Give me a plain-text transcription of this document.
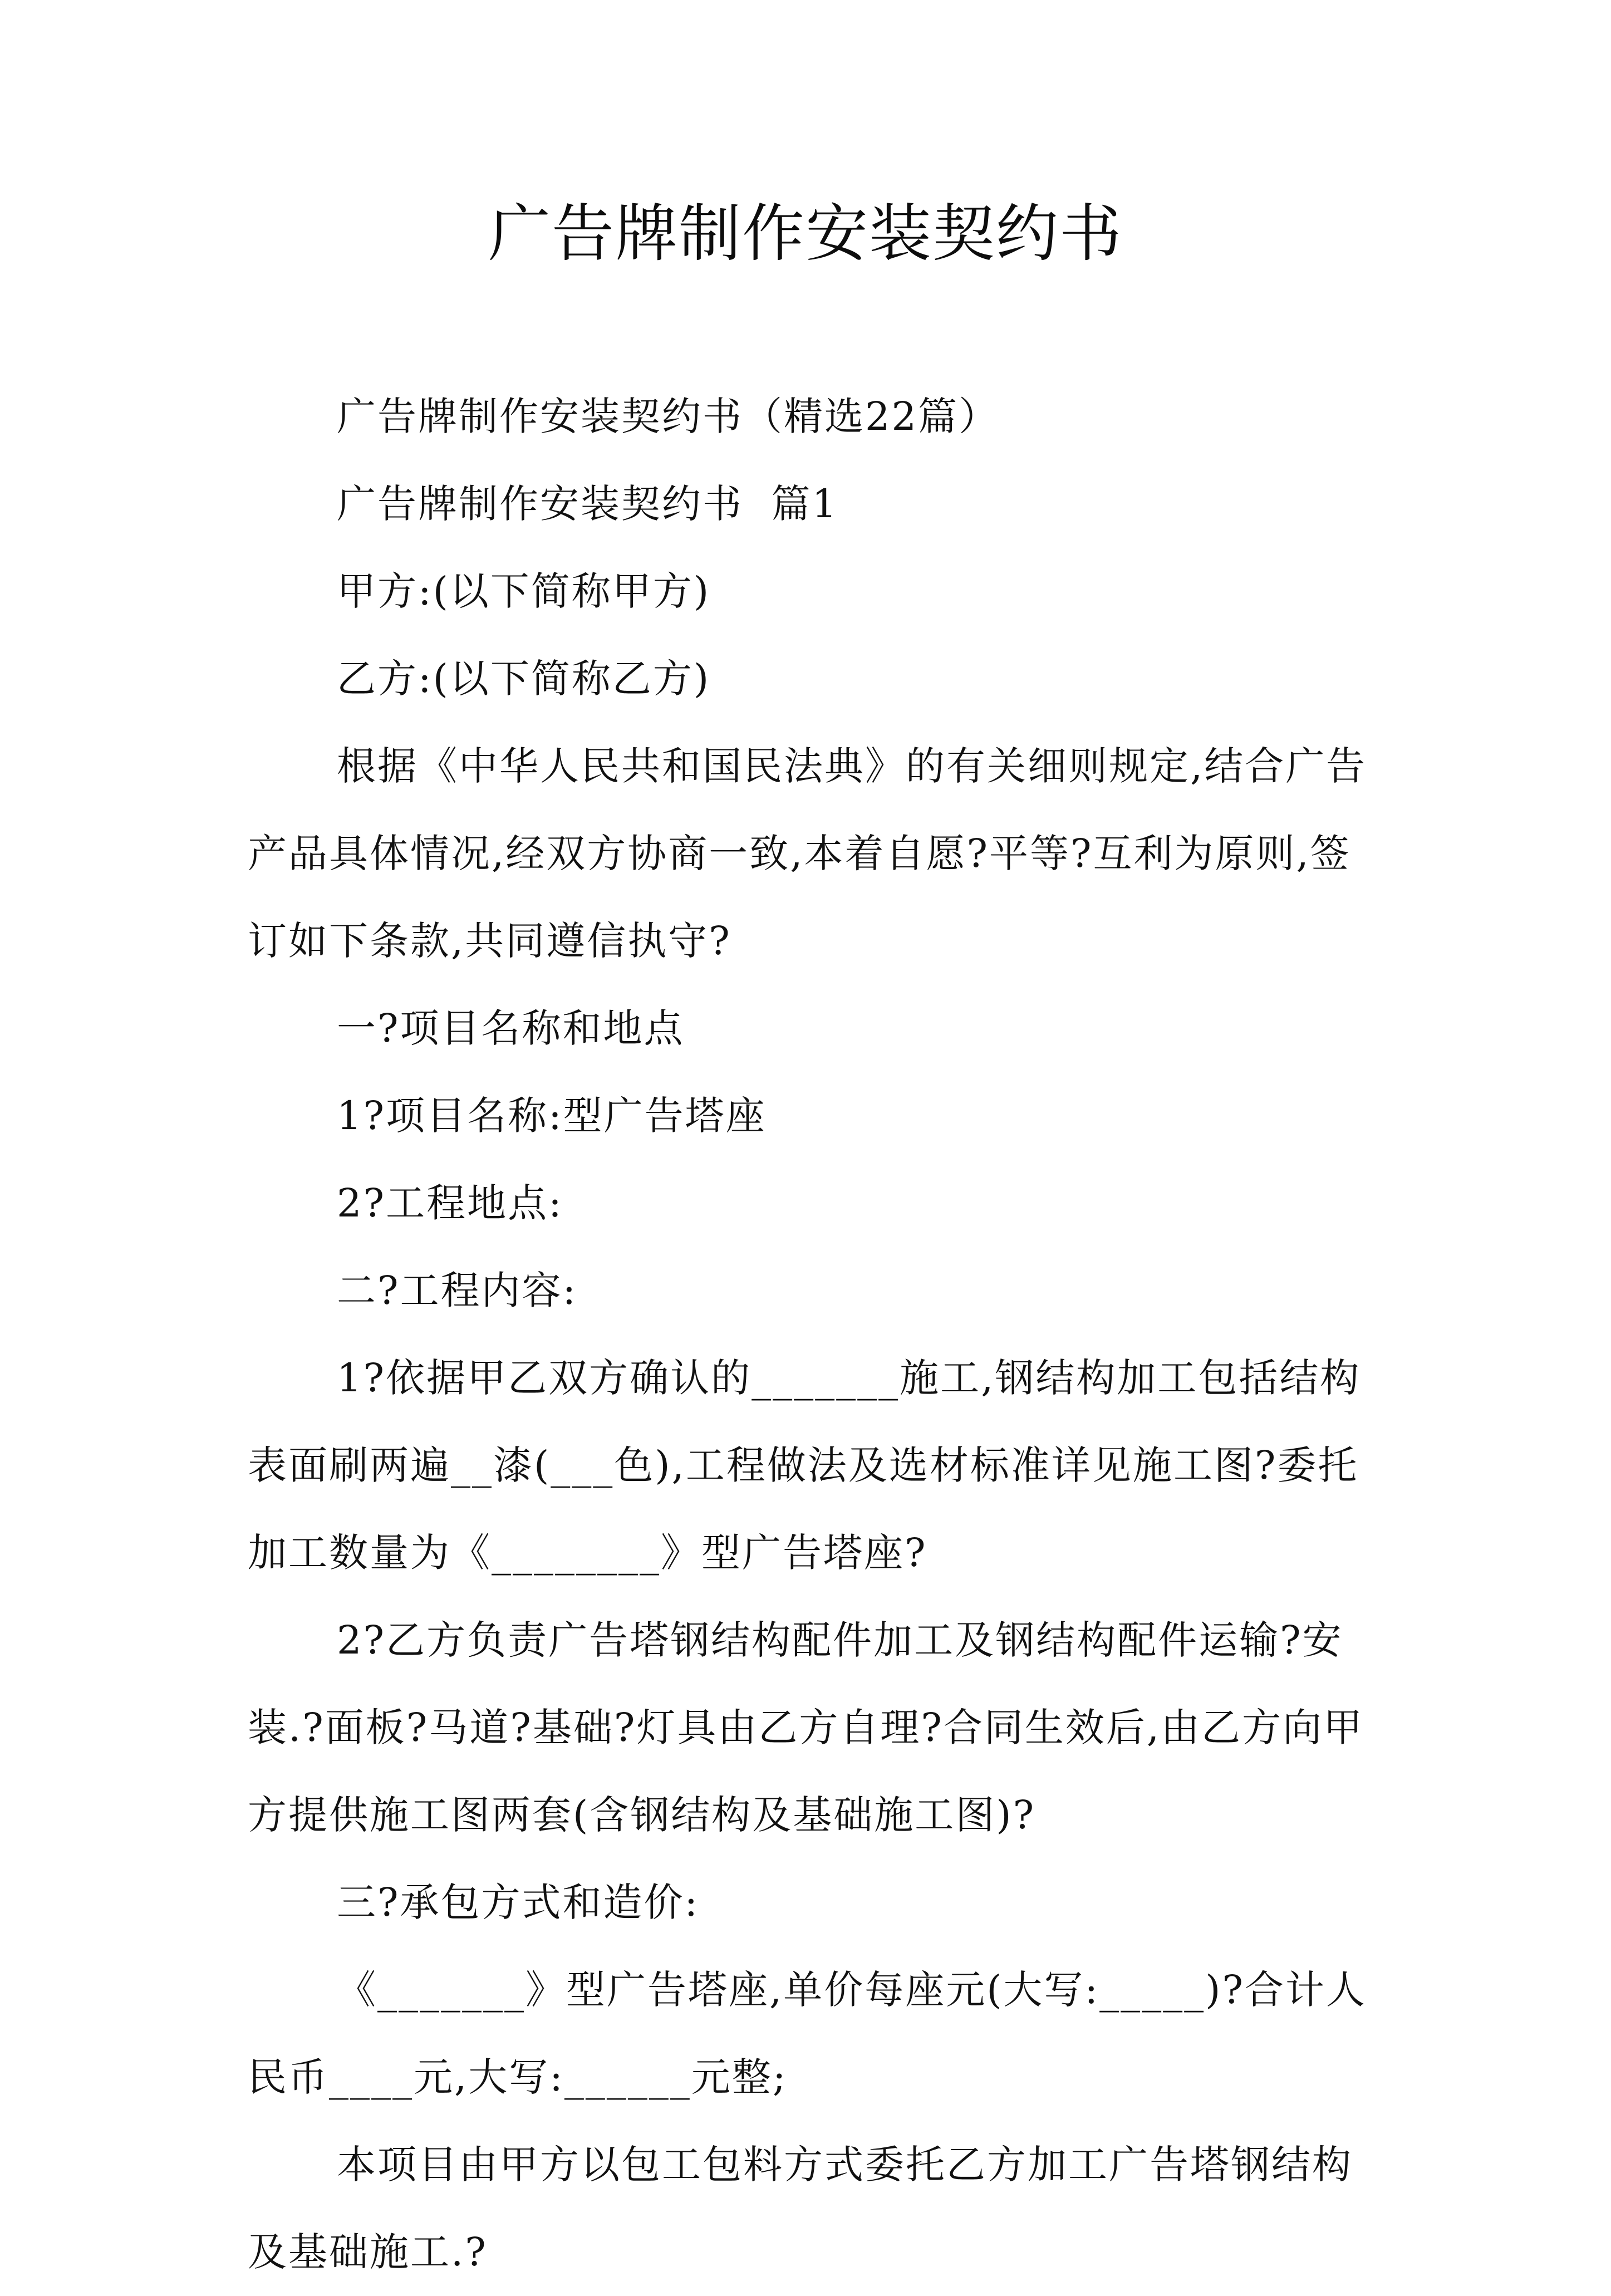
广告牌制作安装契约书

广告牌制作安装契约书（精选22篇）

广告牌制作安装契约书  篇1

甲方:(以下简称甲方)

乙方:(以下简称乙方)

根据《中华人民共和国民法典》的有关细则规定,结合广告产品具体情况,经双方协商一致,本着自愿?平等?互利为原则,签订如下条款,共同遵信执守?

一?项目名称和地点

1?项目名称:型广告塔座

2?工程地点:

二?工程内容:

1?依据甲乙双方确认的_______施工,钢结构加工包括结构表面刷两遍__漆(___色),工程做法及选材标准详见施工图?委托加工数量为《________》型广告塔座?

2?乙方负责广告塔钢结构配件加工及钢结构配件运输?安装.?面板?马道?基础?灯具由乙方自理?合同生效后,由乙方向甲方提供施工图两套(含钢结构及基础施工图)?

三?承包方式和造价:

《_______》型广告塔座,单价每座元(大写:_____)?合计人民币____元,大写:______元整;

本项目由甲方以包工包料方式委托乙方加工广告塔钢结构及基础施工.?
